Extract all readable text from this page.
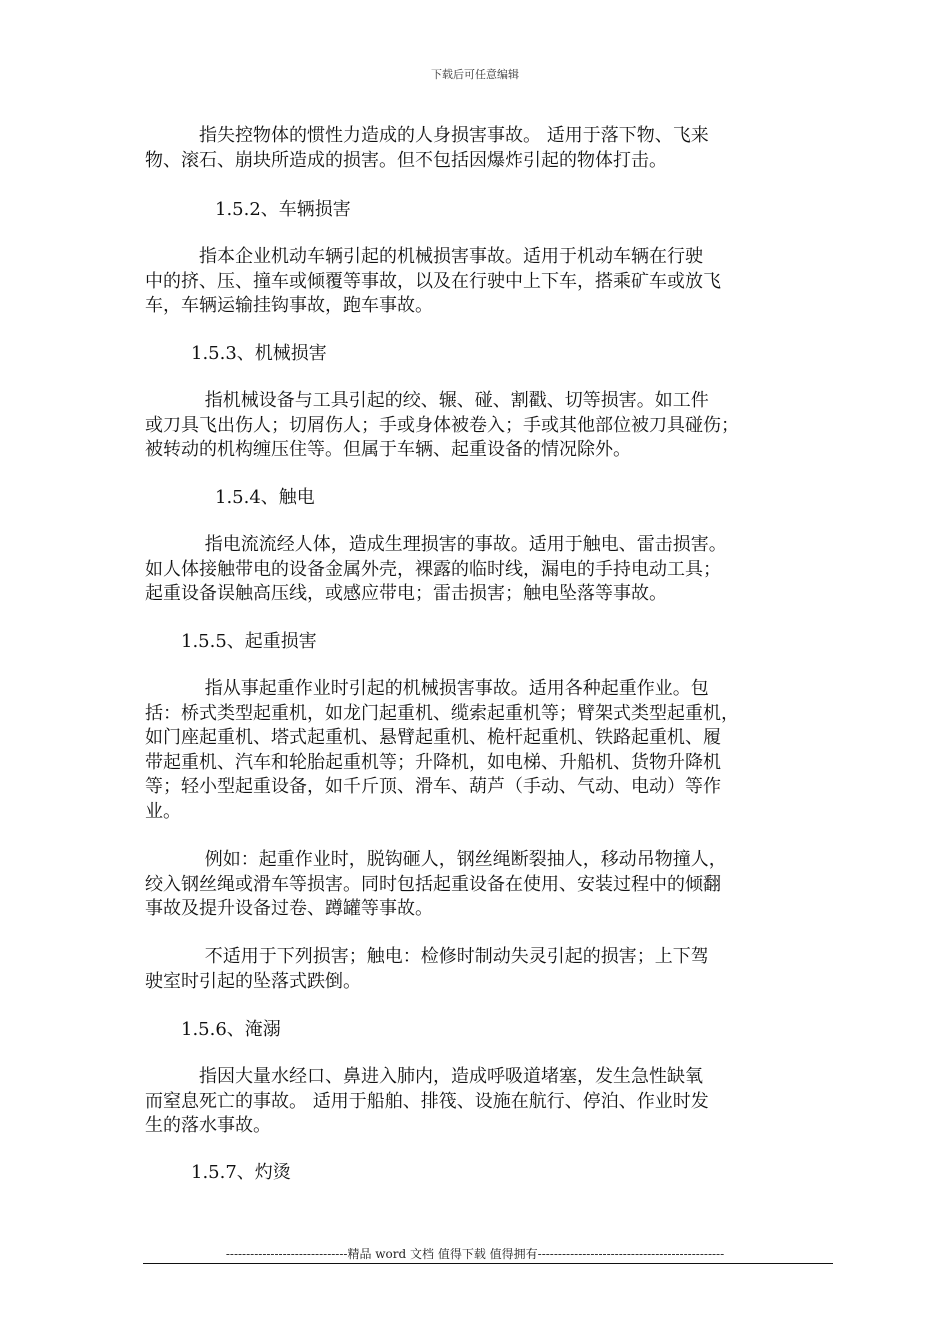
下载后可任意编辑
　　　指失控物体的惯性力造成的人身损害事故。 适用于落下物、飞来
物、滚石、崩块所造成的损害。但不包括因爆炸引起的物体打击。
1.5.2、车辆损害
　　　指本企业机动车辆引起的机械损害事故。适用于机动车辆在行驶
中的挤、压、撞车或倾覆等事故，以及在行驶中上下车，搭乘矿车或放飞
车，车辆运输挂钩事故，跑车事故。
1.5.3、机械损害
　　　 指机械设备与工具引起的绞、辗、碰、割戳、切等损害。如工件
或刀具飞出伤人；切屑伤人；手或身体被卷入；手或其他部位被刀具碰伤；
被转动的机构缠压住等。但属于车辆、起重设备的情况除外。
1.5.4、触电
　　　 指电流流经人体，造成生理损害的事故。适用于触电、雷击损害。
如人体接触带电的设备金属外壳，裸露的临时线，漏电的手持电动工具；
起重设备误触高压线，或感应带电；雷击损害；触电坠落等事故。
1.5.5、起重损害
　　　 指从事起重作业时引起的机械损害事故。适用各种起重作业。包
括：桥式类型起重机，如龙门起重机、缆索起重机等；臂架式类型起重机，
如门座起重机、塔式起重机、悬臂起重机、桅杆起重机、铁路起重机、履
带起重机、汽车和轮胎起重机等；升降机，如电梯、升船机、货物升降机
等；轻小型起重设备，如千斤顶、滑车、葫芦（手动、气动、电动）等作
业。
　　　 例如：起重作业时，脱钩砸人，钢丝绳断裂抽人，移动吊物撞人，
绞入钢丝绳或滑车等损害。同时包括起重设备在使用、安装过程中的倾翻
事故及提升设备过卷、蹲罐等事故。
　　　 不适用于下列损害；触电：检修时制动失灵引起的损害；上下驾
驶室时引起的坠落式跌倒。
1.5.6、淹溺
　　　指因大量水经口、鼻进入肺内，造成呼吸道堵塞，发生急性缺氧
而窒息死亡的事故。 适用于船舶、排筏、设施在航行、停泊、作业时发
生的落水事故。
1.5.7、灼烫
------------------------------精品 word 文档 值得下载 值得拥有----------------------------------------------
